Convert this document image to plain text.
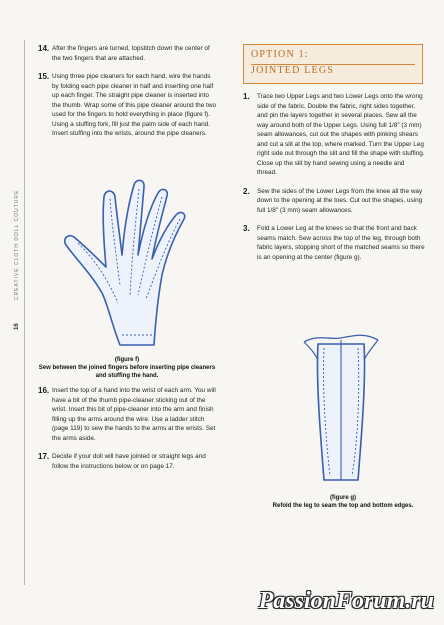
16
CREATIVE CLOTH DOLL COUTURE
14. After the fingers are turned, topstitch down the center of the two fingers that are attached.
15. Using three pipe cleaners for each hand, wire the hands by folding each pipe cleaner in half and inserting one half up each finger. The straight pipe cleaner is inserted into the thumb. Wrap some of this pipe cleaner around the two used for the fingers to hold everything in place (figure f). Using a stuffing fork, fill just the palm side of each hand. Insert stuffing into the wrists, around the pipe cleaners.
(figure f)
Sew between the joined fingers before inserting pipe cleaners and stuffing the hand.
16. Insert the top of a hand into the wrist of each arm. You will have a bit of the thumb pipe-cleaner sticking out of the wrist. Insert this bit of pipe-cleaner into the arm and finish filling up the arms around the wire. Use a ladder stitch (page 119) to sew the hands to the arms at the wrists. Set the arms aside.
17. Decide if your doll will have jointed or straight legs and follow the instructions below or on page 17.
OPTION 1:
JOINTED LEGS
1.	Trace two Upper Legs and two Lower Legs onto the wrong side of the fabric. Double the fabric, right sides together, and pin the layers together in several places. Sew all the way around both of the Upper Legs. Using full 1/8" (3 mm) seam allowances, cut out the shapes with pinking shears and cut a slit at the top, where marked. Turn the Upper Leg right side out through the slit and fill the shape with stuffing. Close up the slit by hand sewing using a needle and thread.
2.	Sew the sides of the Lower Legs from the knee all the way down to the opening at the toes. Cut out the shapes, using full 1/8" (3 mm) seam allowances.
3.	Fold a Lower Leg at the knees so that the front and back seams match. Sew across the top of the leg, through both fabric layers, stopping short of the matched seams so there is an opening at the center (figure g).
(figure g)
Refold the leg to seam the top and bottom edges.
PassionForum.ru
